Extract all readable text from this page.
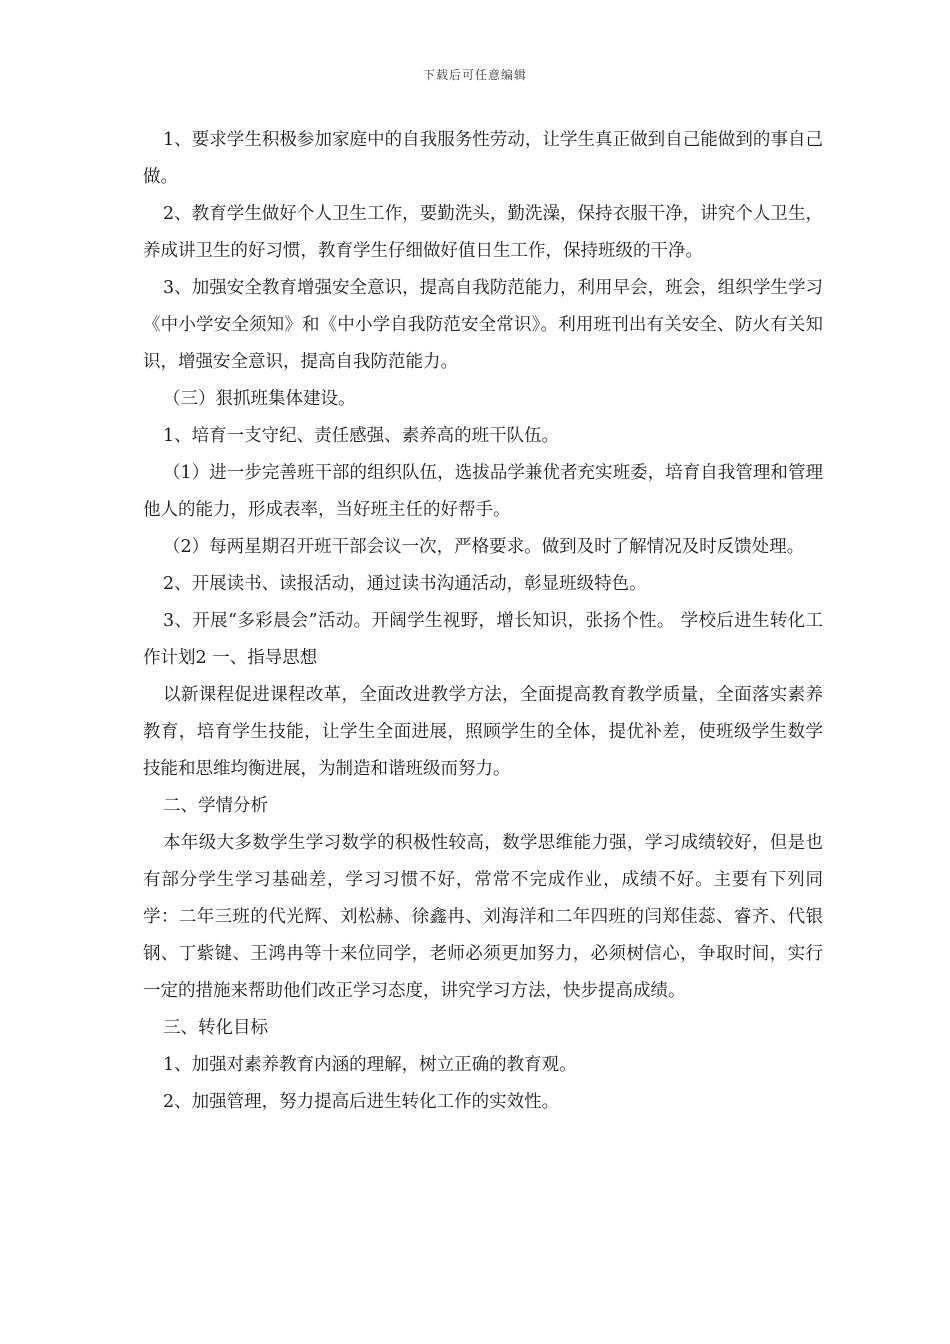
下载后可任意编辑

1、要求学生积极参加家庭中的自我服务性劳动，让学生真正做到自己能做到的事自己做。

2、教育学生做好个人卫生工作，要勤洗头，勤洗澡，保持衣服干净，讲究个人卫生，养成讲卫生的好习惯，教育学生仔细做好值日生工作，保持班级的干净。

3、加强安全教育增强安全意识，提高自我防范能力，利用早会，班会，组织学生学习《中小学安全须知》和《中小学自我防范安全常识》。利用班刊出有关安全、防火有关知识，增强安全意识，提高自我防范能力。

（三）狠抓班集体建设。

1、培育一支守纪、责任感强、素养高的班干队伍。

（1）进一步完善班干部的组织队伍，选拔品学兼优者充实班委，培育自我管理和管理他人的能力，形成表率，当好班主任的好帮手。

（2）每两星期召开班干部会议一次，严格要求。做到及时了解情况及时反馈处理。

2、开展读书、读报活动，通过读书沟通活动，彰显班级特色。

3、开展“多彩晨会”活动。开阔学生视野，增长知识，张扬个性。 学校后进生转化工作计划2 一、指导思想

以新课程促进课程改革，全面改进教学方法，全面提高教育教学质量，全面落实素养教育，培育学生技能，让学生全面进展，照顾学生的全体，提优补差，使班级学生数学技能和思维均衡进展，为制造和谐班级而努力。

二、学情分析

本年级大多数学生学习数学的积极性较高，数学思维能力强，学习成绩较好，但是也有部分学生学习基础差，学习习惯不好，常常不完成作业，成绩不好。主要有下列同学：二年三班的代光辉、刘松赫、徐鑫冉、刘海洋和二年四班的闫郑佳蕊、睿齐、代银钢、丁紫键、王鸿冉等十来位同学，老师必须更加努力，必须树信心，争取时间，实行一定的措施来帮助他们改正学习态度，讲究学习方法，快步提高成绩。

三、转化目标

1、加强对素养教育内涵的理解，树立正确的教育观。

2、加强管理，努力提高后进生转化工作的实效性。
